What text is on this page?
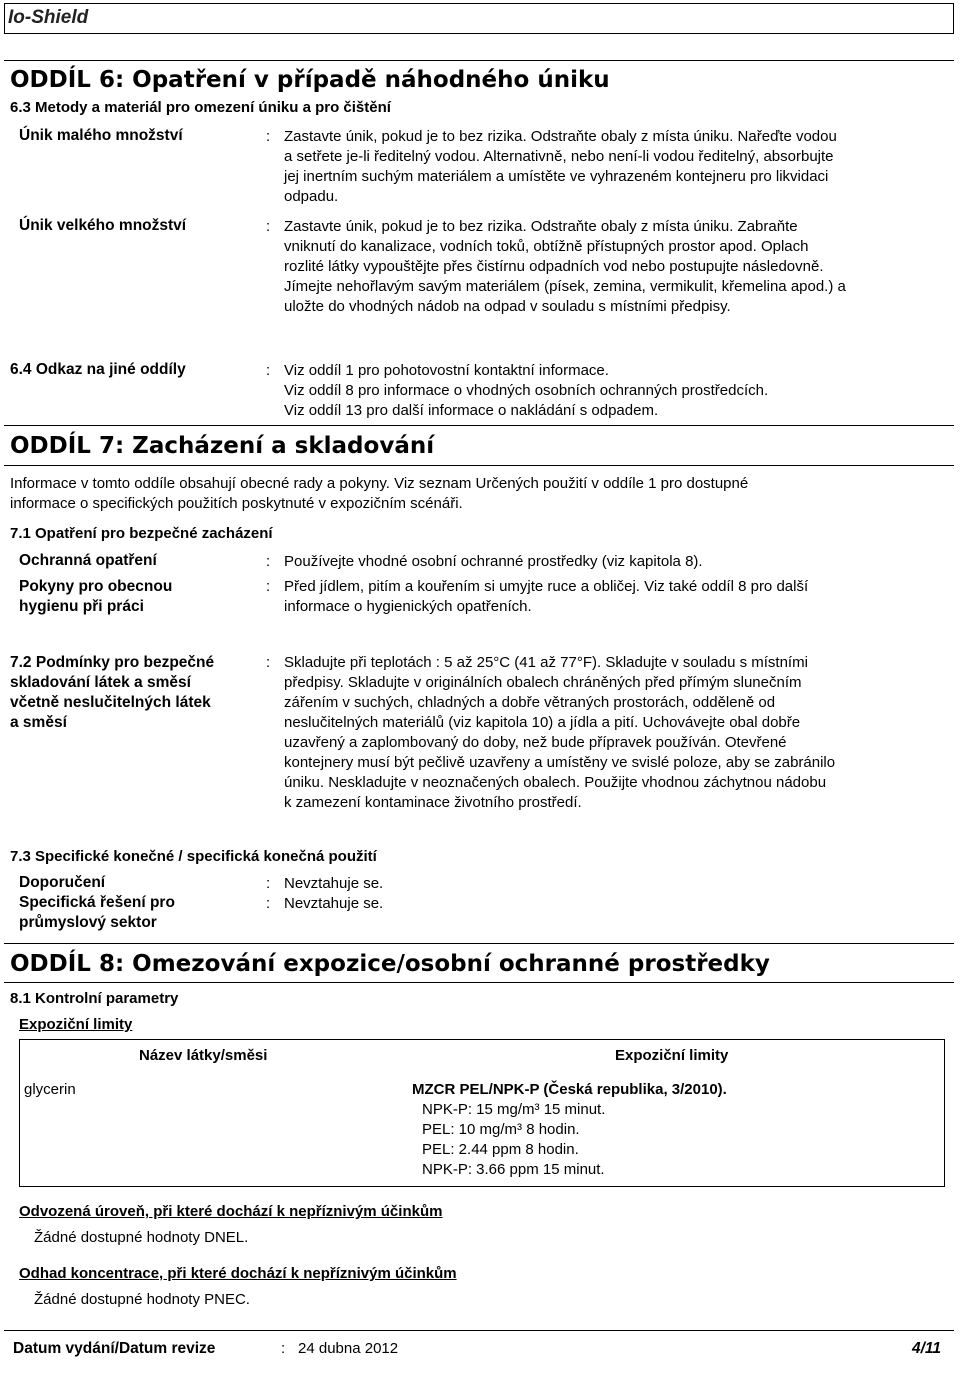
Io-Shield
ODDÍL 6: Opatření v případě náhodného úniku
6.3 Metody a materiál pro omezení úniku a pro čištění
Únik malého množství	: Zastavte únik, pokud je to bez rizika. Odstraňte obaly z místa úniku. Nařeďte vodou
a setřete je-li ředitelný vodou. Alternativně, nebo není-li vodou ředitelný, absorbujte
jej inertním suchým materiálem a umístěte ve vyhrazeném kontejneru pro likvidaci
odpadu.
Únik velkého množství	: Zastavte únik, pokud je to bez rizika. Odstraňte obaly z místa úniku. Zabraňte
vniknutí do kanalizace, vodních toků, obtížně přístupných prostor apod. Oplach
rozlité látky vypouštějte přes čistírnu odpadních vod nebo postupujte následovně.
Jímejte nehořlavým savým materiálem (písek, zemina, vermikulit, křemelina apod.) a
uložte do vhodných nádob na odpad v souladu s místními předpisy.
6.4 Odkaz na jiné oddíly	: Viz oddíl 1 pro pohotovostní kontaktní informace.
Viz oddíl 8 pro informace o vhodných osobních ochranných prostředcích.
Viz oddíl 13 pro další informace o nakládání s odpadem.
ODDÍL 7: Zacházení a skladování
Informace v tomto oddíle obsahují obecné rady a pokyny. Viz seznam Určených použití v oddíle 1 pro dostupné
informace o specifických použitích poskytnuté v expozičním scénáři.
7.1 Opatření pro bezpečné zacházení
Ochranná opatření	: Používejte vhodné osobní ochranné prostředky (viz kapitola 8).
Pokyny pro obecnou
hygienu při práci
: Před jídlem, pitím a kouřením si umyjte ruce a obličej. Viz také oddíl 8 pro další
informace o hygienických opatřeních.
7.2 Podmínky pro bezpečné
skladování látek a směsí
včetně neslučitelných látek
a směsí
: Skladujte při teplotách : 5 až 25°C (41 až 77°F). Skladujte v souladu s místními
předpisy. Skladujte v originálních obalech chráněných před přímým slunečním
zářením v suchých, chladných a dobře větraných prostorách, odděleně od
neslučitelných materiálů (viz kapitola 10) a jídla a pití. Uchovávejte obal dobře
uzavřený a zaplombovaný do doby, než bude přípravek používán. Otevřené
kontejnery musí být pečlivě uzavřeny a umístěny ve svislé poloze, aby se zabránilo
úniku. Neskladujte v neoznačených obalech. Použijte vhodnou záchytnou nádobu
k zamezení kontaminace životního prostředí.
7.3 Specifické konečné / specifická konečná použití
Doporučení	: Nevztahuje se.
Specifická řešení pro
průmyslový sektor
: Nevztahuje se.
ODDÍL 8: Omezování expozice/osobní ochranné prostředky
8.1 Kontrolní parametry
Expoziční limity
Název látky/směsi	Expoziční limity
glycerin	MZCR PEL/NPK-P (Česká republika, 3/2010).
NPK-P: 15 mg/m³ 15 minut.
PEL: 10 mg/m³ 8 hodin.
PEL: 2.44 ppm 8 hodin.
NPK-P: 3.66 ppm 15 minut.
Odvozená úroveň, při které dochází k nepříznivým účinkům
Žádné dostupné hodnoty DNEL.
Odhad koncentrace, při které dochází k nepříznivým účinkům
Žádné dostupné hodnoty PNEC.
Datum vydání/Datum revize	: 24 dubna 2012	4/11
